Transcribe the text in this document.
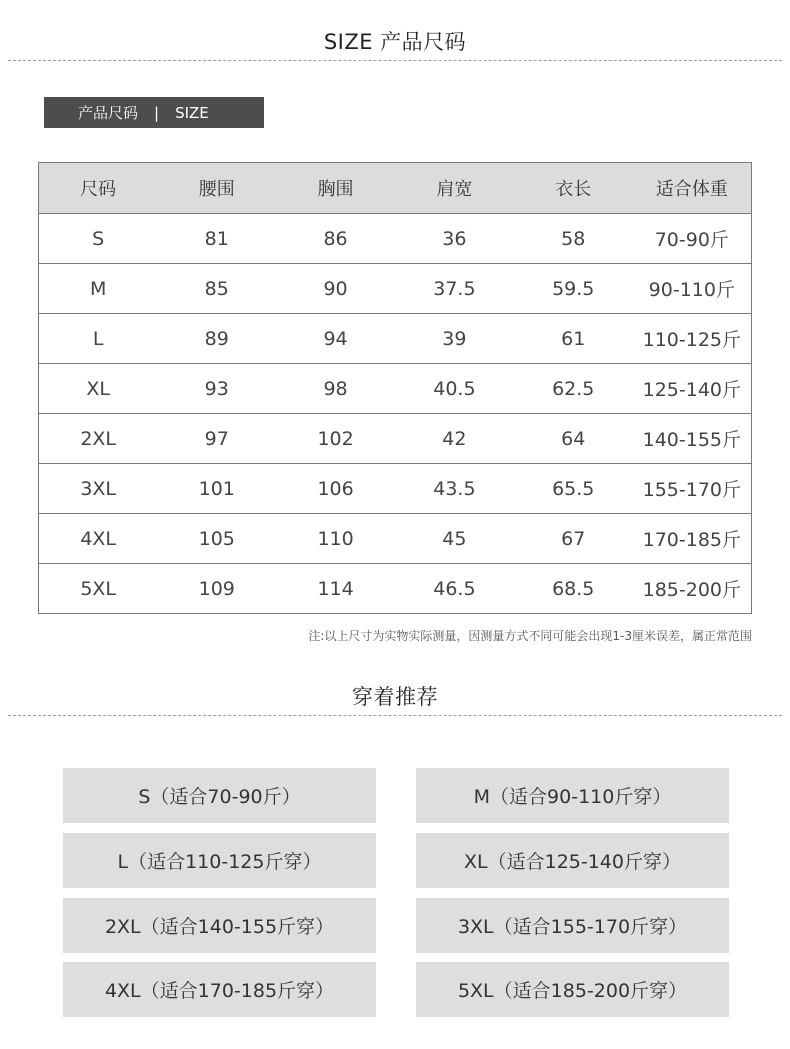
SIZE 产品尺码
产品尺码 | SIZE
尺码	腰围	胸围	肩宽	衣长	适合体重
S	81	86	36	58	70-90斤
M	85	90	37.5	59.5	90-110斤
L	89	94	39	61	110-125斤
XL	93	98	40.5	62.5	125-140斤
2XL	97	102	42	64	140-155斤
3XL	101	106	43.5	65.5	155-170斤
4XL	105	110	45	67	170-185斤
5XL	109	114	46.5	68.5	185-200斤
注:以上尺寸为实物实际测量，因测量方式不同可能会出现1-3厘米误差，属正常范围
穿着推荐
S（适合70-90斤）	M（适合90-110斤穿）
L（适合110-125斤穿）	XL（适合125-140斤穿）
2XL（适合140-155斤穿）	3XL（适合155-170斤穿）
4XL（适合170-185斤穿）	5XL（适合185-200斤穿）
